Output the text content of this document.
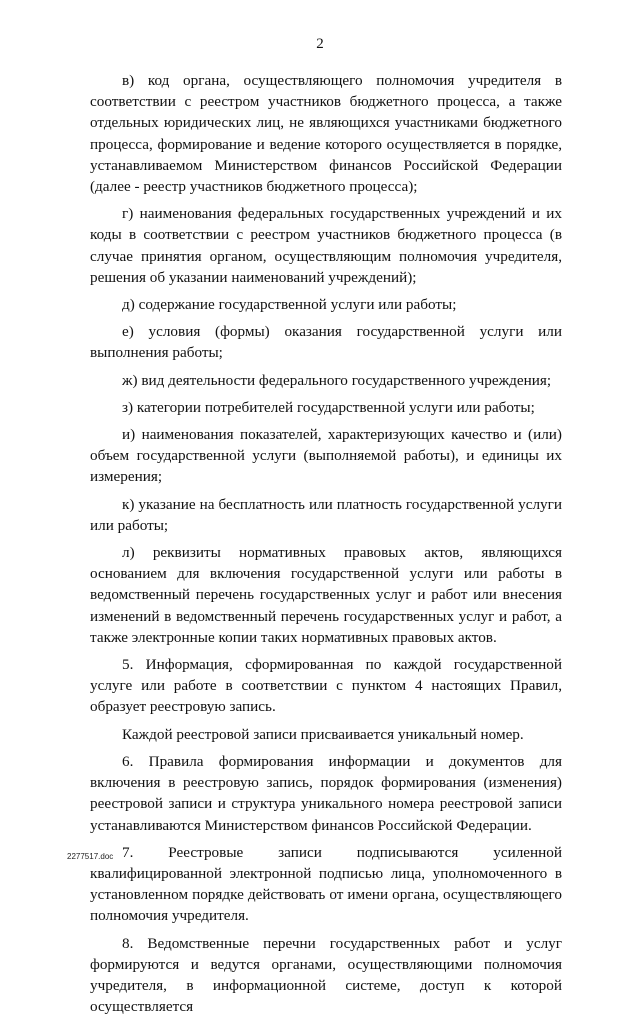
2

в) код органа, осуществляющего полномочия учредителя в соответствии с реестром участников бюджетного процесса, а также отдельных юридических лиц, не являющихся участниками бюджетного процесса, формирование и ведение которого осуществляется в порядке, устанавливаемом Министерством финансов Российской Федерации (далее - реестр участников бюджетного процесса);

г) наименования федеральных государственных учреждений и их коды в соответствии с реестром участников бюджетного процесса (в случае принятия органом, осуществляющим полномочия учредителя, решения об указании наименований учреждений);

д) содержание государственной услуги или работы;

е) условия (формы) оказания государственной услуги или выполнения работы;

ж) вид деятельности федерального государственного учреждения;

з) категории потребителей государственной услуги или работы;

и) наименования показателей, характеризующих качество и (или) объем государственной услуги (выполняемой работы), и единицы их измерения;

к) указание на бесплатность или платность государственной услуги или работы;

л) реквизиты нормативных правовых актов, являющихся основанием для включения государственной услуги или работы в ведомственный перечень государственных услуг и работ или внесения изменений в ведомственный перечень государственных услуг и работ, а также электронные копии таких нормативных правовых актов.

5. Информация, сформированная по каждой государственной услуге или работе в соответствии с пунктом 4 настоящих Правил, образует реестровую запись.

Каждой реестровой записи присваивается уникальный номер.

6. Правила формирования информации и документов для включения в реестровую запись, порядок формирования (изменения) реестровой записи и структура уникального номера реестровой записи устанавливаются Министерством финансов Российской Федерации.

7. Реестровые записи подписываются усиленной квалифицированной электронной подписью лица, уполномоченного в установленном порядке действовать от имени органа, осуществляющего полномочия учредителя.

8. Ведомственные перечни государственных работ и услуг формируются и ведутся органами, осуществляющими полномочия учредителя, в информационной системе, доступ к которой осуществляется

2277517.doc
